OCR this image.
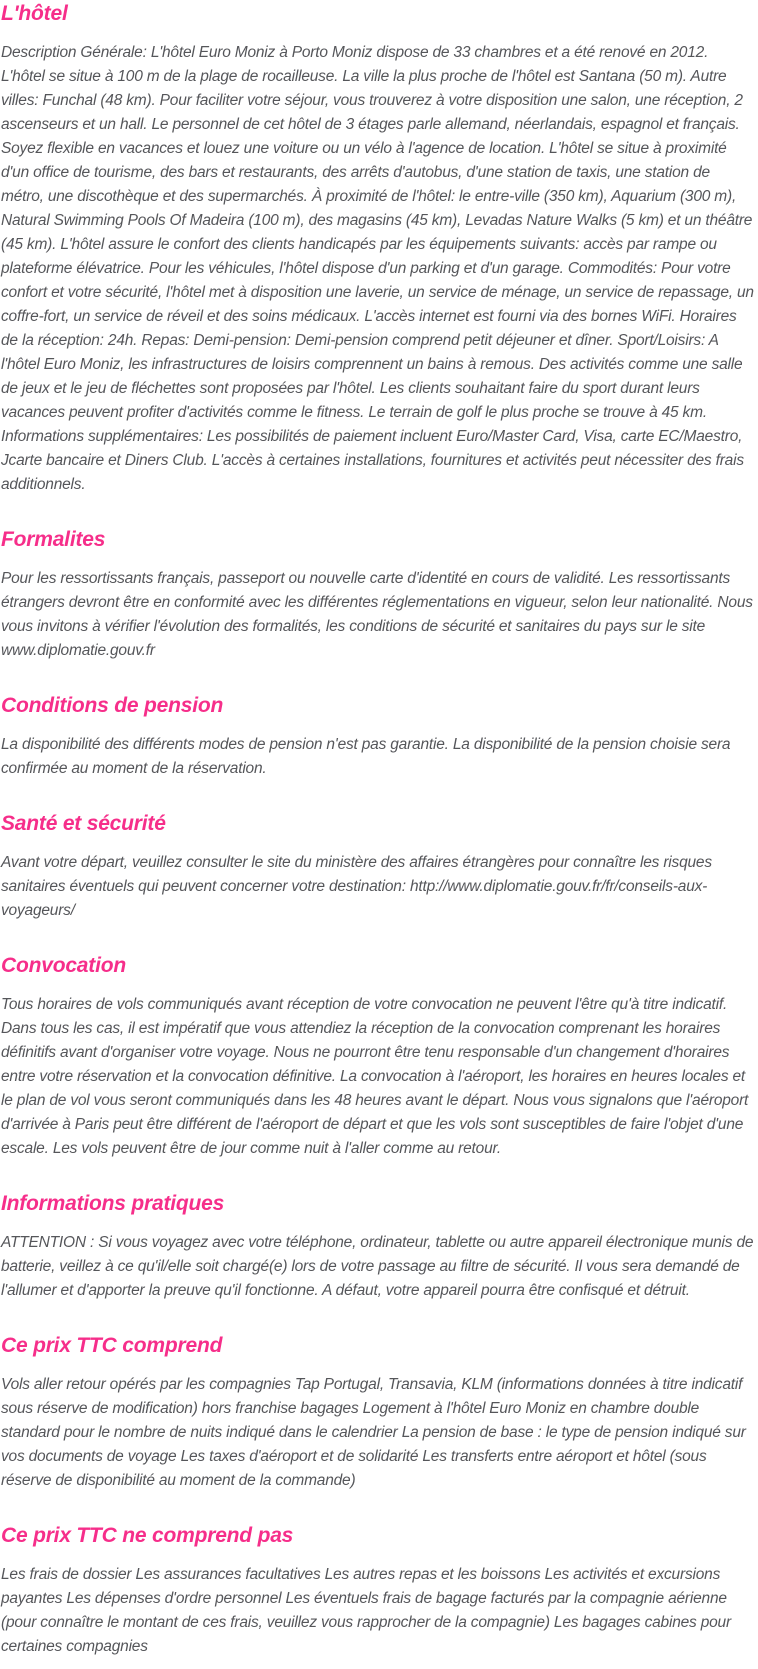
L'hôtel

Description Générale: L'hôtel Euro Moniz à Porto Moniz dispose de 33 chambres et a été renové en 2012. L'hôtel se situe à 100 m de la plage de rocailleuse. La ville la plus proche de l'hôtel est Santana (50 m). Autre villes: Funchal (48 km). Pour faciliter votre séjour, vous trouverez à votre disposition une salon, une réception, 2 ascenseurs et un hall. Le personnel de cet hôtel de 3 étages parle allemand, néerlandais, espagnol et français. Soyez flexible en vacances et louez une voiture ou un vélo à l'agence de location. L'hôtel se situe à proximité d'un office de tourisme, des bars et restaurants, des arrêts d'autobus, d'une station de taxis, une station de métro, une discothèque et des supermarchés. À proximité de l'hôtel: le entre-ville (350 km), Aquarium (300 m), Natural Swimming Pools Of Madeira (100 m), des magasins (45 km), Levadas Nature Walks (5 km) et un théâtre (45 km). L'hôtel assure le confort des clients handicapés par les équipements suivants: accès par rampe ou plateforme élévatrice. Pour les véhicules, l'hôtel dispose d'un parking et d'un garage. Commodités: Pour votre confort et votre sécurité, l'hôtel met à disposition une laverie, un service de ménage, un service de repassage, un coffre-fort, un service de réveil et des soins médicaux. L'accès internet est fourni via des bornes WiFi. Horaires de la réception: 24h. Repas: Demi-pension: Demi-pension comprend petit déjeuner et dîner. Sport/Loisirs: A l'hôtel Euro Moniz, les infrastructures de loisirs comprennent un bains à remous. Des activités comme une salle de jeux et le jeu de fléchettes sont proposées par l'hôtel. Les clients souhaitant faire du sport durant leurs vacances peuvent profiter d'activités comme le fitness. Le terrain de golf le plus proche se trouve à 45 km. Informations supplémentaires: Les possibilités de paiement incluent Euro/Master Card, Visa, carte EC/Maestro, Jcarte bancaire et Diners Club. L'accès à certaines installations, fournitures et activités peut nécessiter des frais additionnels.

Formalites

Pour les ressortissants français, passeport ou nouvelle carte d'identité en cours de validité. Les ressortissants étrangers devront être en conformité avec les différentes réglementations en vigueur, selon leur nationalité. Nous vous invitons à vérifier l'évolution des formalités, les conditions de sécurité et sanitaires du pays sur le site www.diplomatie.gouv.fr

Conditions de pension

La disponibilité des différents modes de pension n'est pas garantie. La disponibilité de la pension choisie sera confirmée au moment de la réservation.

Santé et sécurité

Avant votre départ, veuillez consulter le site du ministère des affaires étrangères pour connaître les risques sanitaires éventuels qui peuvent concerner votre destination: http://www.diplomatie.gouv.fr/fr/conseils-aux-voyageurs/

Convocation

Tous horaires de vols communiqués avant réception de votre convocation ne peuvent l'être qu'à titre indicatif. Dans tous les cas, il est impératif que vous attendiez la réception de la convocation comprenant les horaires définitifs avant d'organiser votre voyage. Nous ne pourront être tenu responsable d'un changement d'horaires entre votre réservation et la convocation définitive. La convocation à l'aéroport, les horaires en heures locales et le plan de vol vous seront communiqués dans les 48 heures avant le départ. Nous vous signalons que l'aéroport d'arrivée à Paris peut être différent de l'aéroport de départ et que les vols sont susceptibles de faire l'objet d'une escale. Les vols peuvent être de jour comme nuit à l'aller comme au retour.

Informations pratiques

ATTENTION : Si vous voyagez avec votre téléphone, ordinateur, tablette ou autre appareil électronique munis de batterie, veillez à ce qu'il/elle soit chargé(e) lors de votre passage au filtre de sécurité. Il vous sera demandé de l'allumer et d'apporter la preuve qu'il fonctionne. A défaut, votre appareil pourra être confisqué et détruit.

Ce prix TTC comprend

Vols aller retour opérés par les compagnies Tap Portugal, Transavia, KLM (informations données à titre indicatif sous réserve de modification) hors franchise bagages Logement à l'hôtel Euro Moniz en chambre double standard pour le nombre de nuits indiqué dans le calendrier La pension de base : le type de pension indiqué sur vos documents de voyage Les taxes d'aéroport et de solidarité Les transferts entre aéroport et hôtel (sous réserve de disponibilité au moment de la commande)

Ce prix TTC ne comprend pas

Les frais de dossier Les assurances facultatives Les autres repas et les boissons Les activités et excursions payantes Les dépenses d'ordre personnel Les éventuels frais de bagage facturés par la compagnie aérienne (pour connaître le montant de ces frais, veuillez vous rapprocher de la compagnie) Les bagages cabines pour certaines compagnies
